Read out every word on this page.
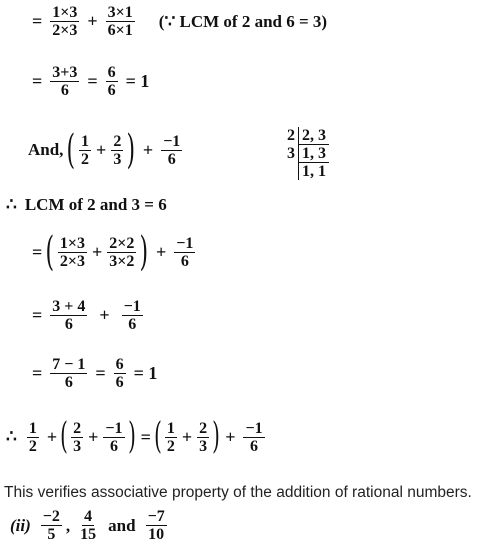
= $\frac{1\times 3}{2\times 3} + \frac{3\times 1}{6\times 1}$ (∵ LCM of 2 and 6 = 3)
= $\frac{3+3}{6} = \frac{6}{6} = 1$
And, ( $\frac{1}{2} + \frac{2}{3}$ ) + $\frac{-1}{6}$	2	2, 3
3	1, 3
	1, 1
∴ LCM of 2 and 3 = 6
= ( $\frac{1\times 3}{2\times 3} + \frac{2\times 2}{3\times 2}$ ) + $\frac{-1}{6}$
= $\frac{3 + 4}{6} + \frac{-1}{6}$
= $\frac{7 - 1}{6} = \frac{6}{6} = 1$
∴ $\frac{1}{2}$ + ( $\frac{2}{3} + \frac{-1}{6}$ ) = ( $\frac{1}{2} + \frac{2}{3}$ ) + $\frac{-1}{6}$
This verifies associative property of the addition of rational numbers.
$(ii) \frac{-2}{5}$ , $\frac{4}{15}$ and $\frac{-7}{10}$
